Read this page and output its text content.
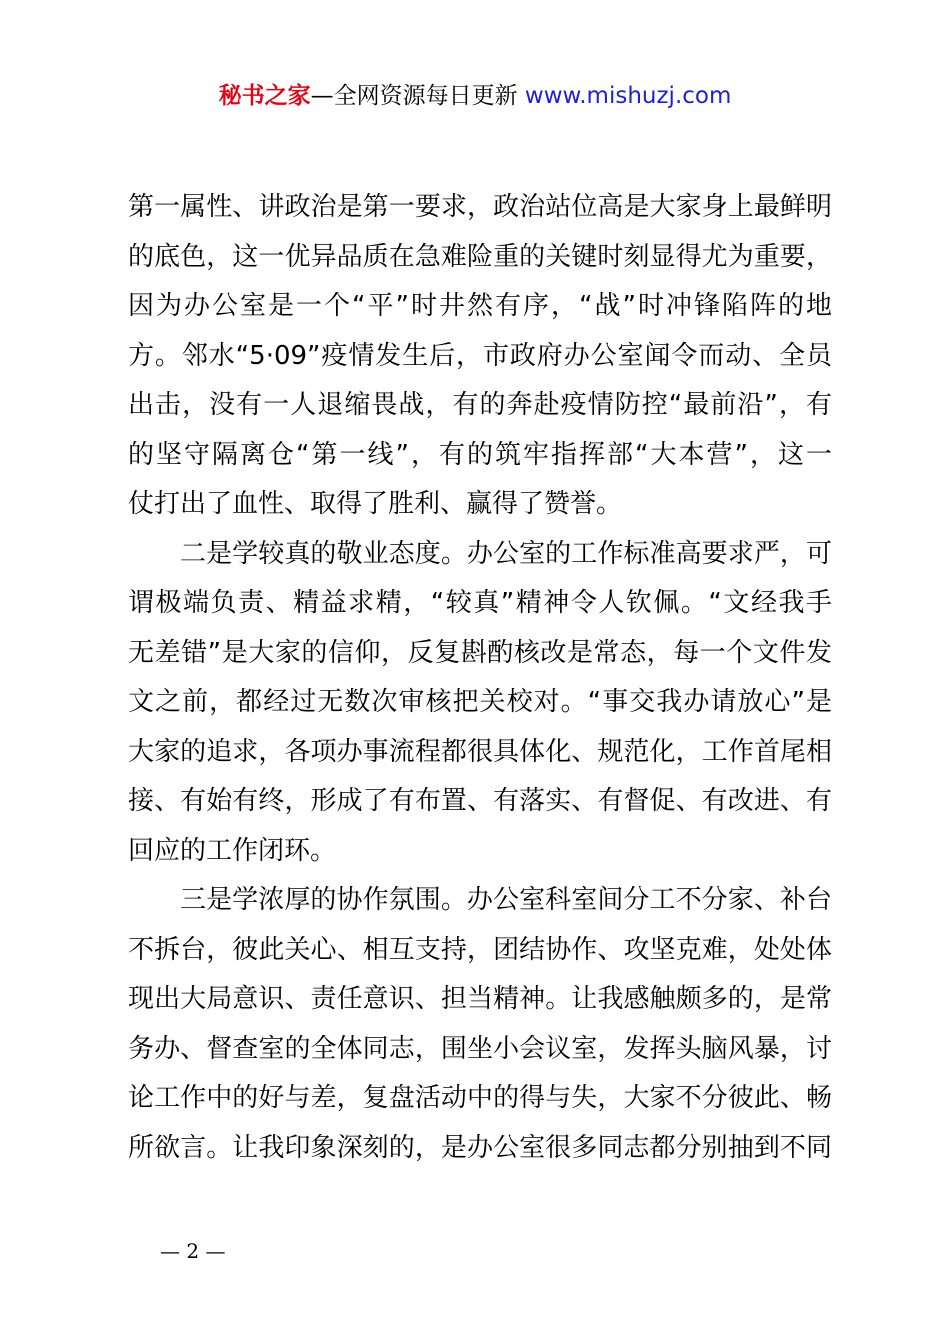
秘书之家—全网资源每日更新 www.mishuzj.com
第一属性、讲政治是第一要求，政治站位高是大家身上最鲜明
的底色，这一优异品质在急难险重的关键时刻显得尤为重要，
因为办公室是一个“平”时井然有序，“战”时冲锋陷阵的地
方。邻水“5·09”疫情发生后，市政府办公室闻令而动、全员
出击，没有一人退缩畏战，有的奔赴疫情防控“最前沿”，有
的坚守隔离仓“第一线”，有的筑牢指挥部“大本营”，这一
仗打出了血性、取得了胜利、赢得了赞誉。
二是学较真的敬业态度。办公室的工作标准高要求严，可
谓极端负责、精益求精，“较真”精神令人钦佩。“文经我手
无差错”是大家的信仰，反复斟酌核改是常态，每一个文件发
文之前，都经过无数次审核把关校对。“事交我办请放心”是
大家的追求，各项办事流程都很具体化、规范化，工作首尾相
接、有始有终，形成了有布置、有落实、有督促、有改进、有
回应的工作闭环。
三是学浓厚的协作氛围。办公室科室间分工不分家、补台
不拆台，彼此关心、相互支持，团结协作、攻坚克难，处处体
现出大局意识、责任意识、担当精神。让我感触颇多的，是常
务办、督查室的全体同志，围坐小会议室，发挥头脑风暴，讨
论工作中的好与差，复盘活动中的得与失，大家不分彼此、畅
所欲言。让我印象深刻的，是办公室很多同志都分别抽到不同
— 2 —
